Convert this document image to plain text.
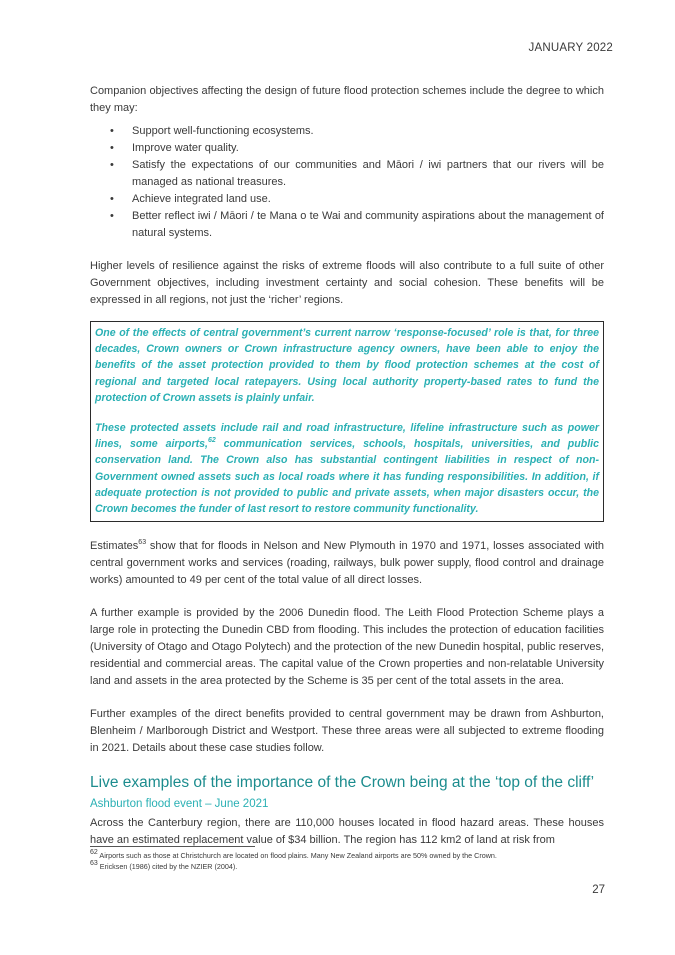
JANUARY 2022

Companion objectives affecting the design of future flood protection schemes include the degree to which they may:

• Support well-functioning ecosystems.
• Improve water quality.
• Satisfy the expectations of our communities and Māori / iwi partners that our rivers will be managed as national treasures.
• Achieve integrated land use.
• Better reflect iwi / Māori / te Mana o te Wai and community aspirations about the management of natural systems.

Higher levels of resilience against the risks of extreme floods will also contribute to a full suite of other Government objectives, including investment certainty and social cohesion. These benefits will be expressed in all regions, not just the ‘richer’ regions.

One of the effects of central government’s current narrow ‘response-focused’ role is that, for three decades, Crown owners or Crown infrastructure agency owners, have been able to enjoy the benefits of the asset protection provided to them by flood protection schemes at the cost of regional and targeted local ratepayers. Using local authority property-based rates to fund the protection of Crown assets is plainly unfair.

These protected assets include rail and road infrastructure, lifeline infrastructure such as power lines, some airports,$^{62}$ communication services, schools, hospitals, universities, and public conservation land. The Crown also has substantial contingent liabilities in respect of non-Government owned assets such as local roads where it has funding responsibilities. In addition, if adequate protection is not provided to public and private assets, when major disasters occur, the Crown becomes the funder of last resort to restore community functionality.

Estimates$^{63}$ show that for floods in Nelson and New Plymouth in 1970 and 1971, losses associated with central government works and services (roading, railways, bulk power supply, flood control and drainage works) amounted to 49 per cent of the total value of all direct losses.

A further example is provided by the 2006 Dunedin flood. The Leith Flood Protection Scheme plays a large role in protecting the Dunedin CBD from flooding. This includes the protection of education facilities (University of Otago and Otago Polytech) and the protection of the new Dunedin hospital, public reserves, residential and commercial areas. The capital value of the Crown properties and non-relatable University land and assets in the area protected by the Scheme is 35 per cent of the total assets in the area.

Further examples of the direct benefits provided to central government may be drawn from Ashburton, Blenheim / Marlborough District and Westport. These three areas were all subjected to extreme flooding in 2021. Details about these case studies follow.

Live examples of the importance of the Crown being at the ‘top of the cliff’
Ashburton flood event – June 2021

Across the Canterbury region, there are 110,000 houses located in flood hazard areas. These houses have an estimated replacement value of $34 billion. The region has 112 km2 of land at risk from

$^{62}$ Airports such as those at Christchurch are located on flood plains. Many New Zealand airports are 50% owned by the Crown.
$^{63}$ Ericksen (1986) cited by the NZIER (2004).
27
